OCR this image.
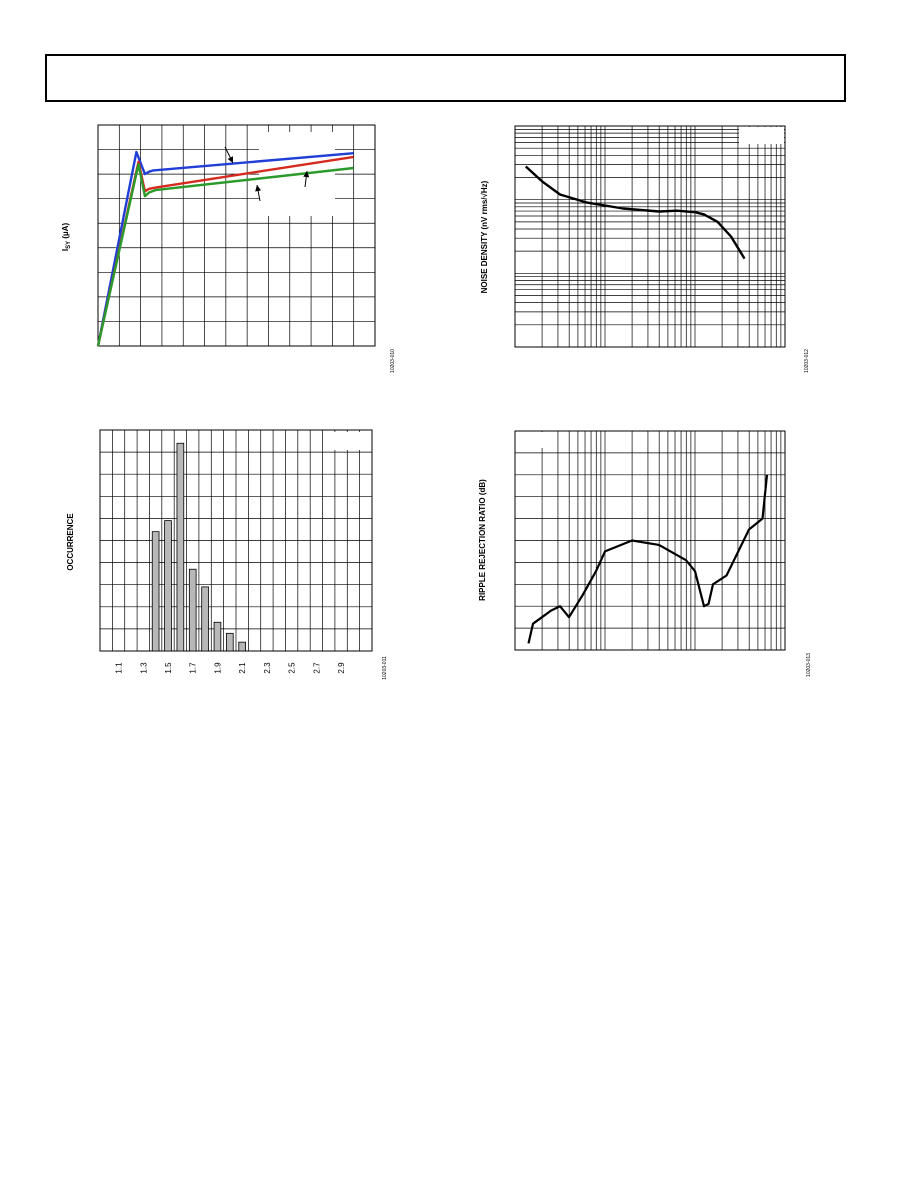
$I_{SY}$ (µA)
10203-010
NOISE DENSITY (nV rms/√Hz)
10203-012
1.1 1.3 1.5 1.7 1.9 2.1 2.3 2.5 2.7 2.9
OCCURRENCE
10203-011
RIPPLE REJECTION RATIO (dB)
10203-013
